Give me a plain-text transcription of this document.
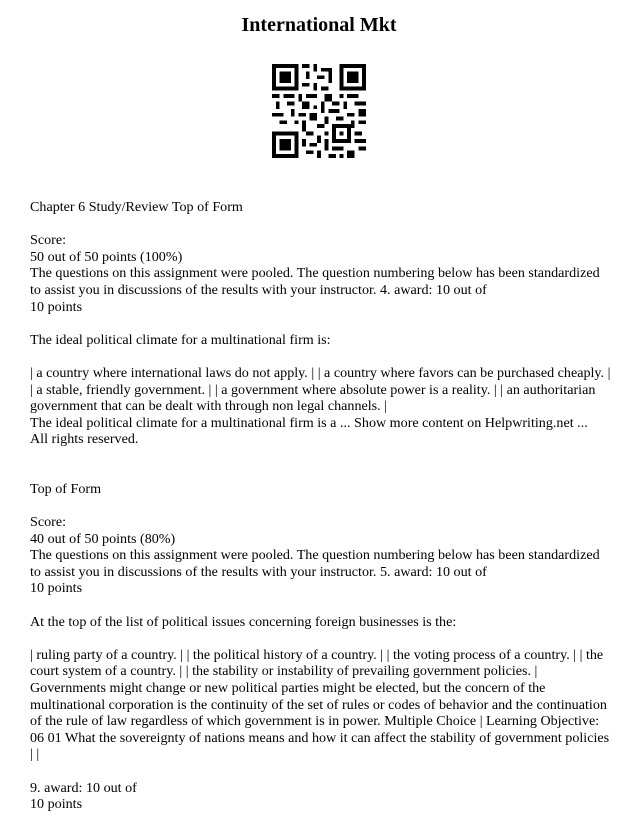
International Mkt

Chapter 6 Study/Review Top of Form

Score:

50 out of 50 points (100%)

The questions on this assignment were pooled. The question numbering below has been standardized to assist you in discussions of the results with your instructor. 4. award: 10 out of

10 points

The ideal political climate for a multinational firm is:

| a country where international laws do not apply. | | a country where favors can be purchased cheaply. | | a stable, friendly government. | | a government where absolute power is a reality. | | an authoritarian government that can be dealt with through non legal channels. |

The ideal political climate for a multinational firm is a ... Show more content on Helpwriting.net ...

All rights reserved.

Top of Form

Score:

40 out of 50 points (80%)

The questions on this assignment were pooled. The question numbering below has been standardized to assist you in discussions of the results with your instructor. 5. award: 10 out of

10 points

At the top of the list of political issues concerning foreign businesses is the:

| ruling party of a country. | | the political history of a country. | | the voting process of a country. | | the court system of a country. | | the stability or instability of prevailing government policies. | Governments might change or new political parties might be elected, but the concern of the multinational corporation is the continuity of the set of rules or codes of behavior and the continuation of the rule of law regardless of which government is in power. Multiple Choice | Learning Objective: 06 01 What the sovereignty of nations means and how it can affect the stability of government policies | |

9. award: 10 out of

10 points
